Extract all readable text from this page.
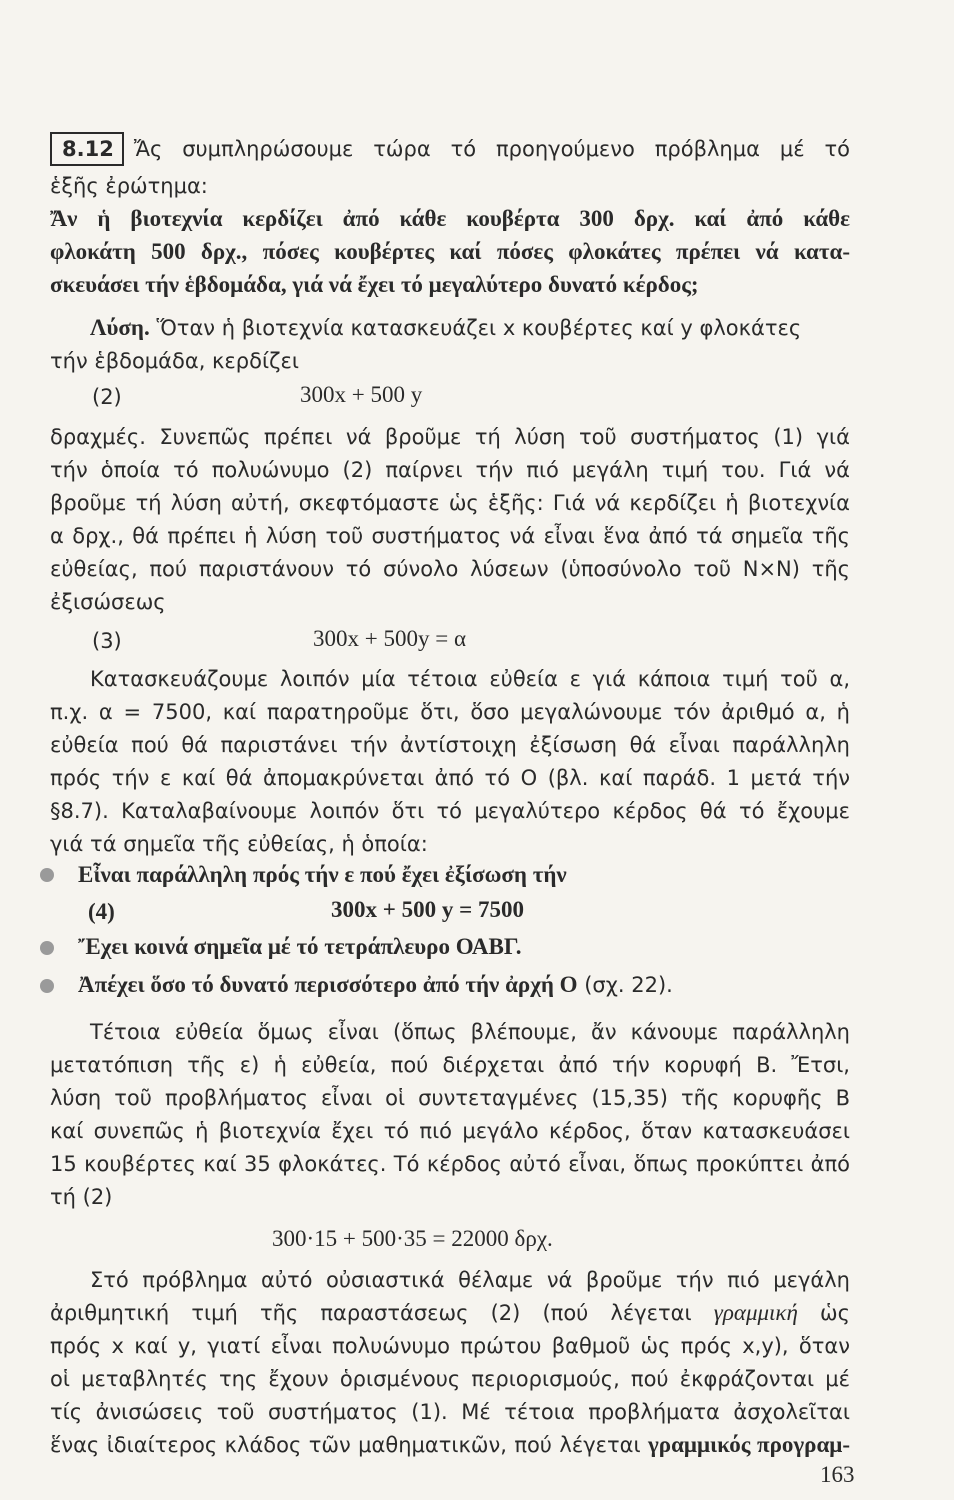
8.12 Ἄς συμπληρώσουμε τώρα τό προηγούμενο πρόβλημα μέ τό
ἑξῆς ἐρώτημα:
Ἄν ἡ βιοτεχνία κερδίζει ἀπό κάθε κουβέρτα 300 δρχ. καί ἀπό κάθε
φλοκάτη 500 δρχ., πόσες κουβέρτες καί πόσες φλοκάτες πρέπει νά κατα-
σκευάσει τήν ἑβδομάδα, γιά νά ἔχει τό μεγαλύτερο δυνατό κέρδος;
Λύση. Ὅταν ἡ βιοτεχνία κατασκευάζει x κουβέρτες καί y φλοκάτες
τήν ἑβδομάδα, κερδίζει
(2)	300x + 500 y
δραχμές. Συνεπῶς πρέπει νά βροῦμε τή λύση τοῦ συστήματος (1) γιά
τήν ὁποία τό πολυώνυμο (2) παίρνει τήν πιό μεγάλη τιμή του. Γιά νά
βροῦμε τή λύση αὐτή, σκεφτόμαστε ὡς ἑξῆς: Γιά νά κερδίζει ἡ βιοτεχνία
α δρχ., θά πρέπει ἡ λύση τοῦ συστήματος νά εἶναι ἕνα ἀπό τά σημεῖα τῆς
εὐθείας, πού παριστάνουν τό σύνολο λύσεων (ὑποσύνολο τοῦ N×N) τῆς
ἐξισώσεως
(3)	300x + 500y = α
Κατασκευάζουμε λοιπόν μία τέτοια εὐθεία ε γιά κάποια τιμή τοῦ α,
π.χ. α = 7500, καί παρατηροῦμε ὅτι, ὅσο μεγαλώνουμε τόν ἀριθμό α, ἡ
εὐθεία πού θά παριστάνει τήν ἀντίστοιχη ἐξίσωση θά εἶναι παράλληλη
πρός τήν ε καί θά ἀπομακρύνεται ἀπό τό O (βλ. καί παράδ. 1 μετά τήν
§8.7). Καταλαβαίνουμε λοιπόν ὅτι τό μεγαλύτερο κέρδος θά τό ἔχουμε
γιά τά σημεῖα τῆς εὐθείας, ἡ ὁποία:
Εἶναι παράλληλη πρός τήν ε πού ἔχει ἐξίσωση τήν
(4)	300x + 500 y = 7500
Ἔχει κοινά σημεῖα μέ τό τετράπλευρο ΟΑΒΓ.
Ἀπέχει ὅσο τό δυνατό περισσότερο ἀπό τήν ἀρχή O (σχ. 22).
Τέτοια εὐθεία ὅμως εἶναι (ὅπως βλέπουμε, ἄν κάνουμε παράλληλη
μετατόπιση τῆς ε) ἡ εὐθεία, πού διέρχεται ἀπό τήν κορυφή Β. Ἔτσι,
λύση τοῦ προβλήματος εἶναι οἱ συντεταγμένες (15,35) τῆς κορυφῆς Β
καί συνεπῶς ἡ βιοτεχνία ἔχει τό πιό μεγάλο κέρδος, ὅταν κατασκευάσει
15 κουβέρτες καί 35 φλοκάτες. Τό κέρδος αὐτό εἶναι, ὅπως προκύπτει ἀπό
τή (2)
300·15 + 500·35 = 22000 δρχ.
Στό πρόβλημα αὐτό οὐσιαστικά θέλαμε νά βροῦμε τήν πιό μεγάλη
ἀριθμητική τιμή τῆς παραστάσεως (2) (πού λέγεται γραμμική ὡς
πρός x καί y, γιατί εἶναι πολυώνυμο πρώτου βαθμοῦ ὡς πρός x,y), ὅταν
οἱ μεταβλητές της ἔχουν ὁρισμένους περιορισμούς, πού ἐκφράζονται μέ
τίς ἀνισώσεις τοῦ συστήματος (1). Μέ τέτοια προβλήματα ἀσχολεῖται
ἕνας ἰδιαίτερος κλάδος τῶν μαθηματικῶν, πού λέγεται γραμμικός προγραμ-
163
